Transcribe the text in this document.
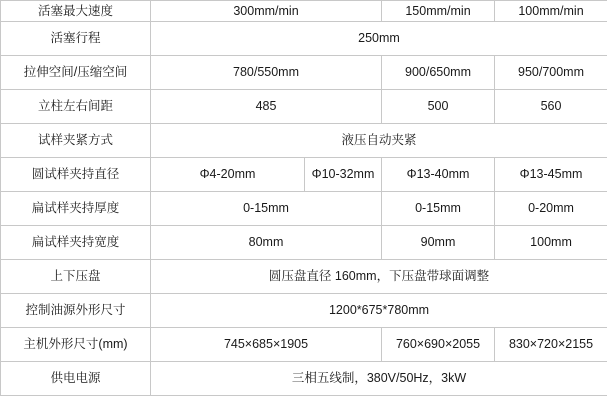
活塞最大速度	300mm/min		150mm/min	100mm/min
活塞行程	250mm			
拉伸空间/压缩空间	780/550mm		900/650mm	950/700mm
立柱左右间距	485		500	560
试样夹紧方式	液压自动夹紧			
圆试样夹持直径	Φ4-20mm	Φ10-32mm	Φ13-40mm	Φ13-45mm
扁试样夹持厚度	0-15mm		0-15mm	0-20mm
扁试样夹持宽度	80mm		90mm	100mm
上下压盘	圆压盘直径 160mm，下压盘带球面调整			
控制油源外形尺寸	1200*675*780mm			
主机外形尺寸(mm)	745×685×1905		760×690×2055	830×720×2155
供电电源	三相五线制，380V/50Hz，3kW			
